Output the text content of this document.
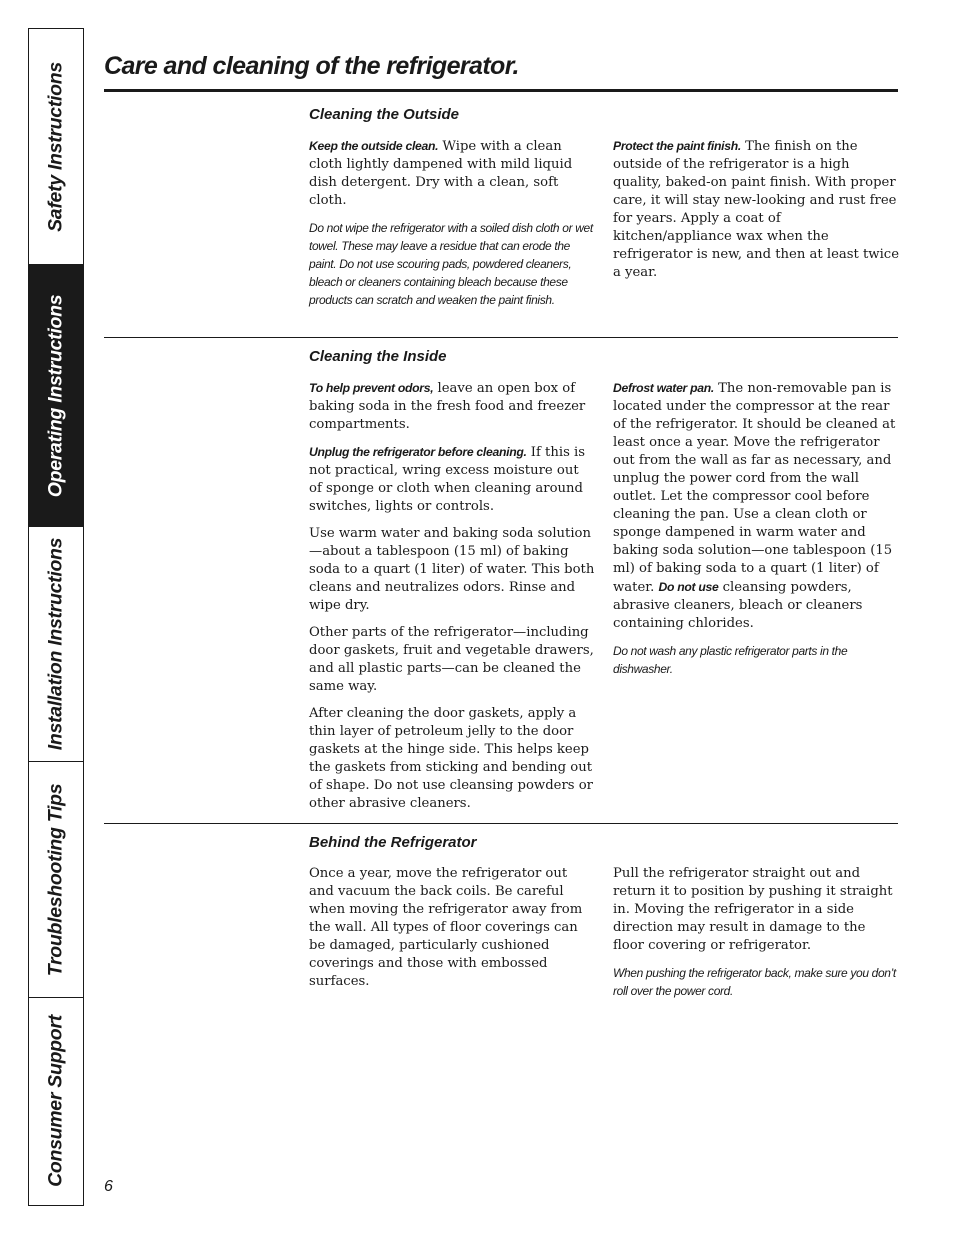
Safety Instructions
Operating Instructions
Installation Instructions
Troubleshooting Tips
Consumer Support
Care and cleaning of the refrigerator.
Cleaning the Outside

Keep the outside clean. Wipe with a clean cloth lightly dampened with mild liquid dish detergent. Dry with a clean, soft cloth.

Do not wipe the refrigerator with a soiled dish cloth or wet towel. These may leave a residue that can erode the paint. Do not use scouring pads, powdered cleaners, bleach or cleaners containing bleach because these products can scratch and weaken the paint finish.

Protect the paint finish. The finish on the outside of the refrigerator is a high quality, baked-on paint finish. With proper care, it will stay new-looking and rust free for years. Apply a coat of kitchen/appliance wax when the refrigerator is new, and then at least twice a year.

Cleaning the Inside

To help prevent odors, leave an open box of baking soda in the fresh food and freezer compartments.

Unplug the refrigerator before cleaning. If this is not practical, wring excess moisture out of sponge or cloth when cleaning around switches, lights or controls.

Use warm water and baking soda solution—about a tablespoon (15 ml) of baking soda to a quart (1 liter) of water. This both cleans and neutralizes odors. Rinse and wipe dry.

Other parts of the refrigerator—including door gaskets, fruit and vegetable drawers, and all plastic parts—can be cleaned the same way.

After cleaning the door gaskets, apply a thin layer of petroleum jelly to the door gaskets at the hinge side. This helps keep the gaskets from sticking and bending out of shape. Do not use cleansing powders or other abrasive cleaners.

Defrost water pan. The non-removable pan is located under the compressor at the rear of the refrigerator. It should be cleaned at least once a year. Move the refrigerator out from the wall as far as necessary, and unplug the power cord from the wall outlet. Let the compressor cool before cleaning the pan. Use a clean cloth or sponge dampened in warm water and baking soda solution—one tablespoon (15 ml) of baking soda to a quart (1 liter) of water. Do not use cleansing powders, abrasive cleaners, bleach or cleaners containing chlorides.

Do not wash any plastic refrigerator parts in the dishwasher.

Behind the Refrigerator

Once a year, move the refrigerator out and vacuum the back coils. Be careful when moving the refrigerator away from the wall. All types of floor coverings can be damaged, particularly cushioned coverings and those with embossed surfaces.

Pull the refrigerator straight out and return it to position by pushing it straight in. Moving the refrigerator in a side direction may result in damage to the floor covering or refrigerator.

When pushing the refrigerator back, make sure you don’t roll over the power cord.

6
